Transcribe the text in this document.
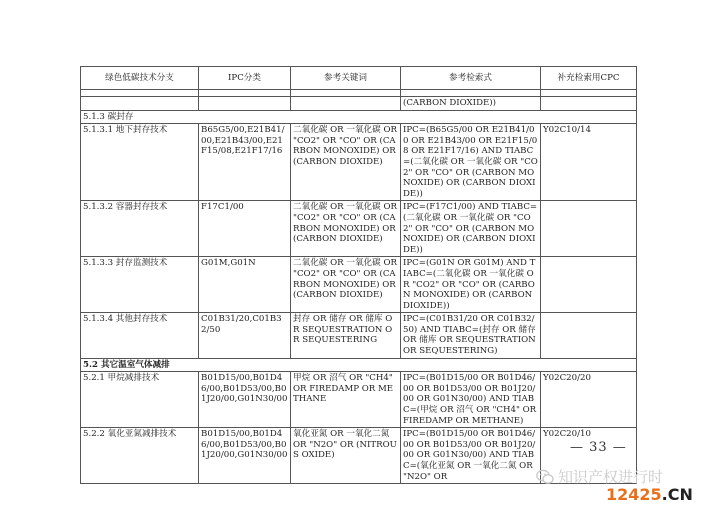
绿色低碳技术分支	IPC分类	参考关键词	参考检索式	补充检索用CPC

			(CARBON DIOXIDE))	
5.1.3 碳封存				
5.1.3.1 地下封存技术	B65G5/00,E21B41/00,E21B43/00,E21F15/08,E21F17/16	二氧化碳 OR 一氧化碳 OR "CO2" OR "CO" OR (CARBON MONOXIDE) OR (CARBON DIOXIDE)	IPC=(B65G5/00 OR E21B41/00 OR E21B43/00 OR E21F15/08 OR E21F17/16) AND TIABC=(二氧化碳 OR 一氧化碳 OR "CO2" OR "CO" OR (CARBON MONOXIDE) OR (CARBON DIOXIDE))	Y02C10/14
5.1.3.2 容器封存技术	F17C1/00	二氧化碳 OR 一氧化碳 OR "CO2" OR "CO" OR (CARBON MONOXIDE) OR (CARBON DIOXIDE)	IPC=(F17C1/00) AND TIABC=(二氧化碳 OR 一氧化碳 OR "CO2" OR "CO" OR (CARBON MONOXIDE) OR (CARBON DIOXIDE))	
5.1.3.3 封存监测技术	G01M,G01N	二氧化碳 OR 一氧化碳 OR "CO2" OR "CO" OR (CARBON MONOXIDE) OR (CARBON DIOXIDE)	IPC=(G01N OR G01M) AND TIABC=(二氧化碳 OR 一氧化碳 OR "CO2" OR "CO" OR (CARBON MONOXIDE) OR (CARBON DIOXIDE))	
5.1.3.4 其他封存技术	C01B31/20,C01B32/50	封存 OR 储存 OR 储库 OR SEQUESTRATION OR SEQUESTERING	IPC=(C01B31/20 OR C01B32/50) AND TIABC=(封存 OR 储存 OR 储库 OR SEQUESTRATION OR SEQUESTERING)	
5.2 其它温室气体减排				
5.2.1 甲烷减排技术	B01D15/00,B01D46/00,B01D53/00,B01J20/00,G01N30/00	甲烷 OR 沼气 OR "CH4" OR FIREDAMP OR METHANE	IPC=(B01D15/00 OR B01D46/00 OR B01D53/00 OR B01J20/00 OR G01N30/00) AND TIABC=(甲烷 OR 沼气 OR "CH4" OR FIREDAMP OR METHANE)	Y02C20/20
5.2.2 氧化亚氮减排技术	B01D15/00,B01D46/00,B01D53/00,B01J20/00,G01N30/00	氧化亚氮 OR 一氧化二氮 OR "N2O" OR (NITROUS OXIDE)	IPC=(B01D15/00 OR B01D46/00 OR B01D53/00 OR B01J20/00 OR G01N30/00) AND TIABC=(氧化亚氮 OR 一氧化二氮 OR "N2O" OR	Y02C20/10
— 33 —
知识产权进行时
12425.CN
